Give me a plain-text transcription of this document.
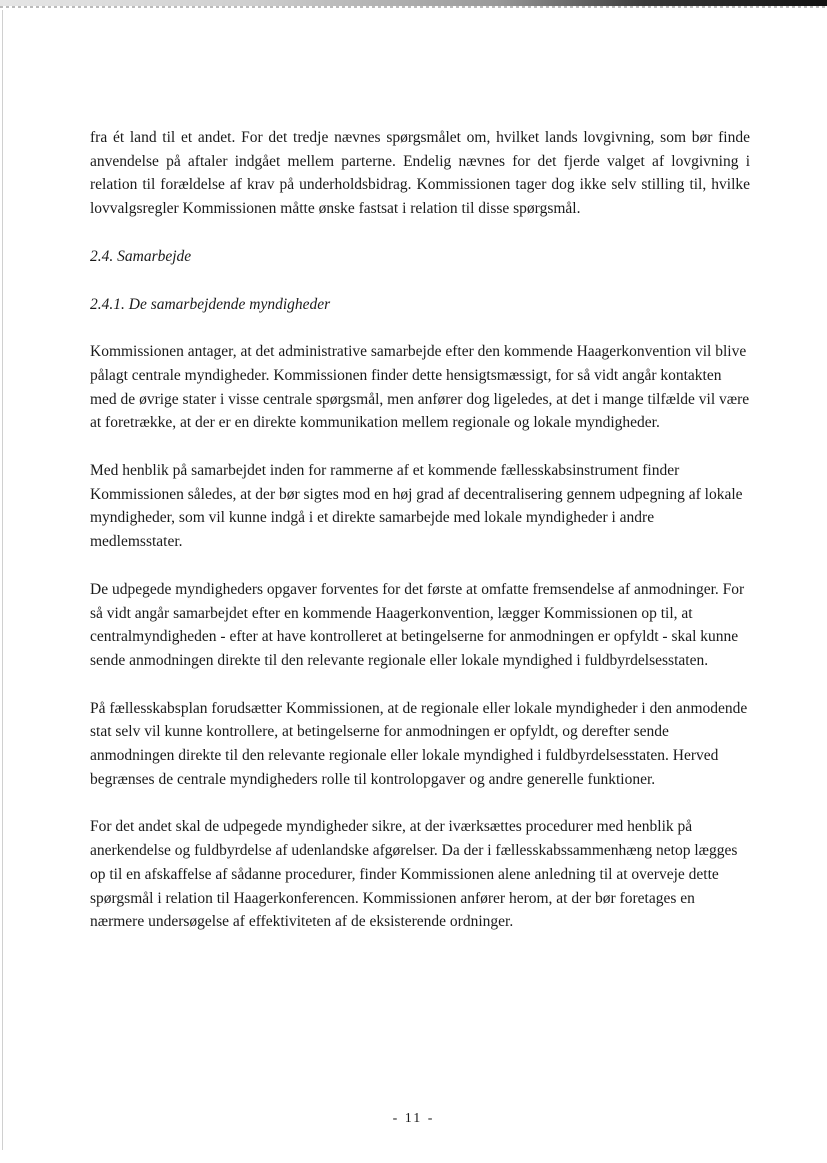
fra ét land til et andet. For det tredje nævnes spørgsmålet om, hvilket lands lovgivning, som bør finde anvendelse på aftaler indgået mellem parterne. Endelig nævnes for det fjerde valget af lovgivning i relation til forældelse af krav på underholdsbidrag. Kommissionen tager dog ikke selv stilling til, hvilke lovvalgsregler Kommissionen måtte ønske fastsat i relation til disse spørgsmål.

2.4. Samarbejde

2.4.1. De samarbejdende myndigheder

Kommissionen antager, at det administrative samarbejde efter den kommende Haagerkonvention vil blive pålagt centrale myndigheder. Kommissionen finder dette hensigtsmæssigt, for så vidt angår kontakten med de øvrige stater i visse centrale spørgsmål, men anfører dog ligeledes, at det i mange tilfælde vil være at foretrække, at der er en direkte kommunikation mellem regionale og lokale myndigheder.

Med henblik på samarbejdet inden for rammerne af et kommende fællesskabsinstrument finder Kommissionen således, at der bør sigtes mod en høj grad af decentralisering gennem udpegning af lokale myndigheder, som vil kunne indgå i et direkte samarbejde med lokale myndigheder i andre medlemsstater.

De udpegede myndigheders opgaver forventes for det første at omfatte fremsendelse af anmodninger. For så vidt angår samarbejdet efter en kommende Haagerkonvention, lægger Kommissionen op til, at centralmyndigheden - efter at have kontrolleret at betingelserne for anmodningen er opfyldt - skal kunne sende anmodningen direkte til den relevante regionale eller lokale myndighed i fuldbyrdelsesstaten.

På fællesskabsplan forudsætter Kommissionen, at de regionale eller lokale myndigheder i den anmodende stat selv vil kunne kontrollere, at betingelserne for anmodningen er opfyldt, og derefter sende anmodningen direkte til den relevante regionale eller lokale myndighed i fuldbyrdelsesstaten. Herved begrænses de centrale myndigheders rolle til kontrolopgaver og andre generelle funktioner.

For det andet skal de udpegede myndigheder sikre, at der iværksættes procedurer med henblik på anerkendelse og fuldbyrdelse af udenlandske afgørelser. Da der i fællesskabssammenhæng netop lægges op til en afskaffelse af sådanne procedurer, finder Kommissionen alene anledning til at overveje dette spørgsmål i relation til Haagerkonferencen. Kommissionen anfører herom, at der bør foretages en nærmere undersøgelse af effektiviteten af de eksisterende ordninger.

- 11 -
